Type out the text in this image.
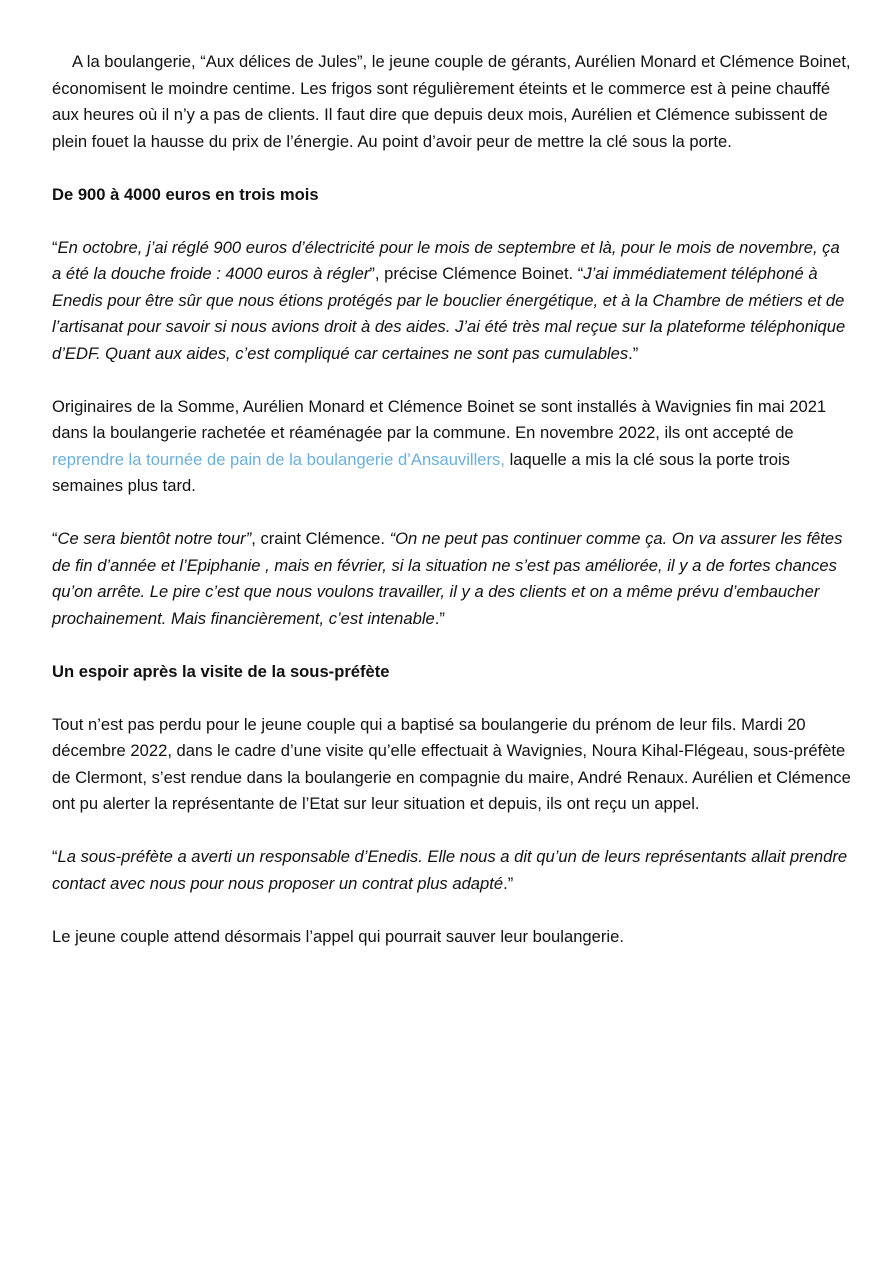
A la boulangerie, “Aux délices de Jules”, le jeune couple de gérants, Aurélien Monard et Clémence Boinet, économisent le moindre centime. Les frigos sont régulièrement éteints et le commerce est à peine chauffé aux heures où il n’y a pas de clients. Il faut dire que depuis deux mois, Aurélien et Clémence subissent de plein fouet la hausse du prix de l’énergie. Au point d’avoir peur de mettre la clé sous la porte.

De 900 à 4000 euros en trois mois

“En octobre, j’ai réglé 900 euros d’électricité pour le mois de septembre et là, pour le mois de novembre, ça a été la douche froide : 4000 euros à régler”, précise Clémence Boinet. “J’ai immédiatement téléphoné à Enedis pour être sûr que nous étions protégés par le bouclier énergétique, et à la Chambre de métiers et de l’artisanat pour savoir si nous avions droit à des aides. J’ai été très mal reçue sur la plateforme téléphonique d’EDF. Quant aux aides, c’est compliqué car certaines ne sont pas cumulables.”

Originaires de la Somme, Aurélien Monard et Clémence Boinet se sont installés à Wavignies fin mai 2021 dans la boulangerie rachetée et réaménagée par la commune. En novembre 2022, ils ont accepté de reprendre la tournée de pain de la boulangerie d’Ansauvillers, laquelle a mis la clé sous la porte trois semaines plus tard.

“Ce sera bientôt notre tour”, craint Clémence. “On ne peut pas continuer comme ça. On va assurer les fêtes de fin d’année et l’Epiphanie , mais en février, si la situation ne s’est pas améliorée, il y a de fortes chances qu’on arrête. Le pire c’est que nous voulons travailler, il y a des clients et on a même prévu d’embaucher prochainement. Mais financièrement, c’est intenable.”

Un espoir après la visite de la sous-préfète

Tout n’est pas perdu pour le jeune couple qui a baptisé sa boulangerie du prénom de leur fils. Mardi 20 décembre 2022, dans le cadre d’une visite qu’elle effectuait à Wavignies, Noura Kihal-Flégeau, sous-préfète de Clermont, s’est rendue dans la boulangerie en compagnie du maire, André Renaux. Aurélien et Clémence ont pu alerter la représentante de l’Etat sur leur situation et depuis, ils ont reçu un appel.

“La sous-préfète a averti un responsable d’Enedis. Elle nous a dit qu’un de leurs représentants allait prendre contact avec nous pour nous proposer un contrat plus adapté.”

Le jeune couple attend désormais l’appel qui pourrait sauver leur boulangerie.
